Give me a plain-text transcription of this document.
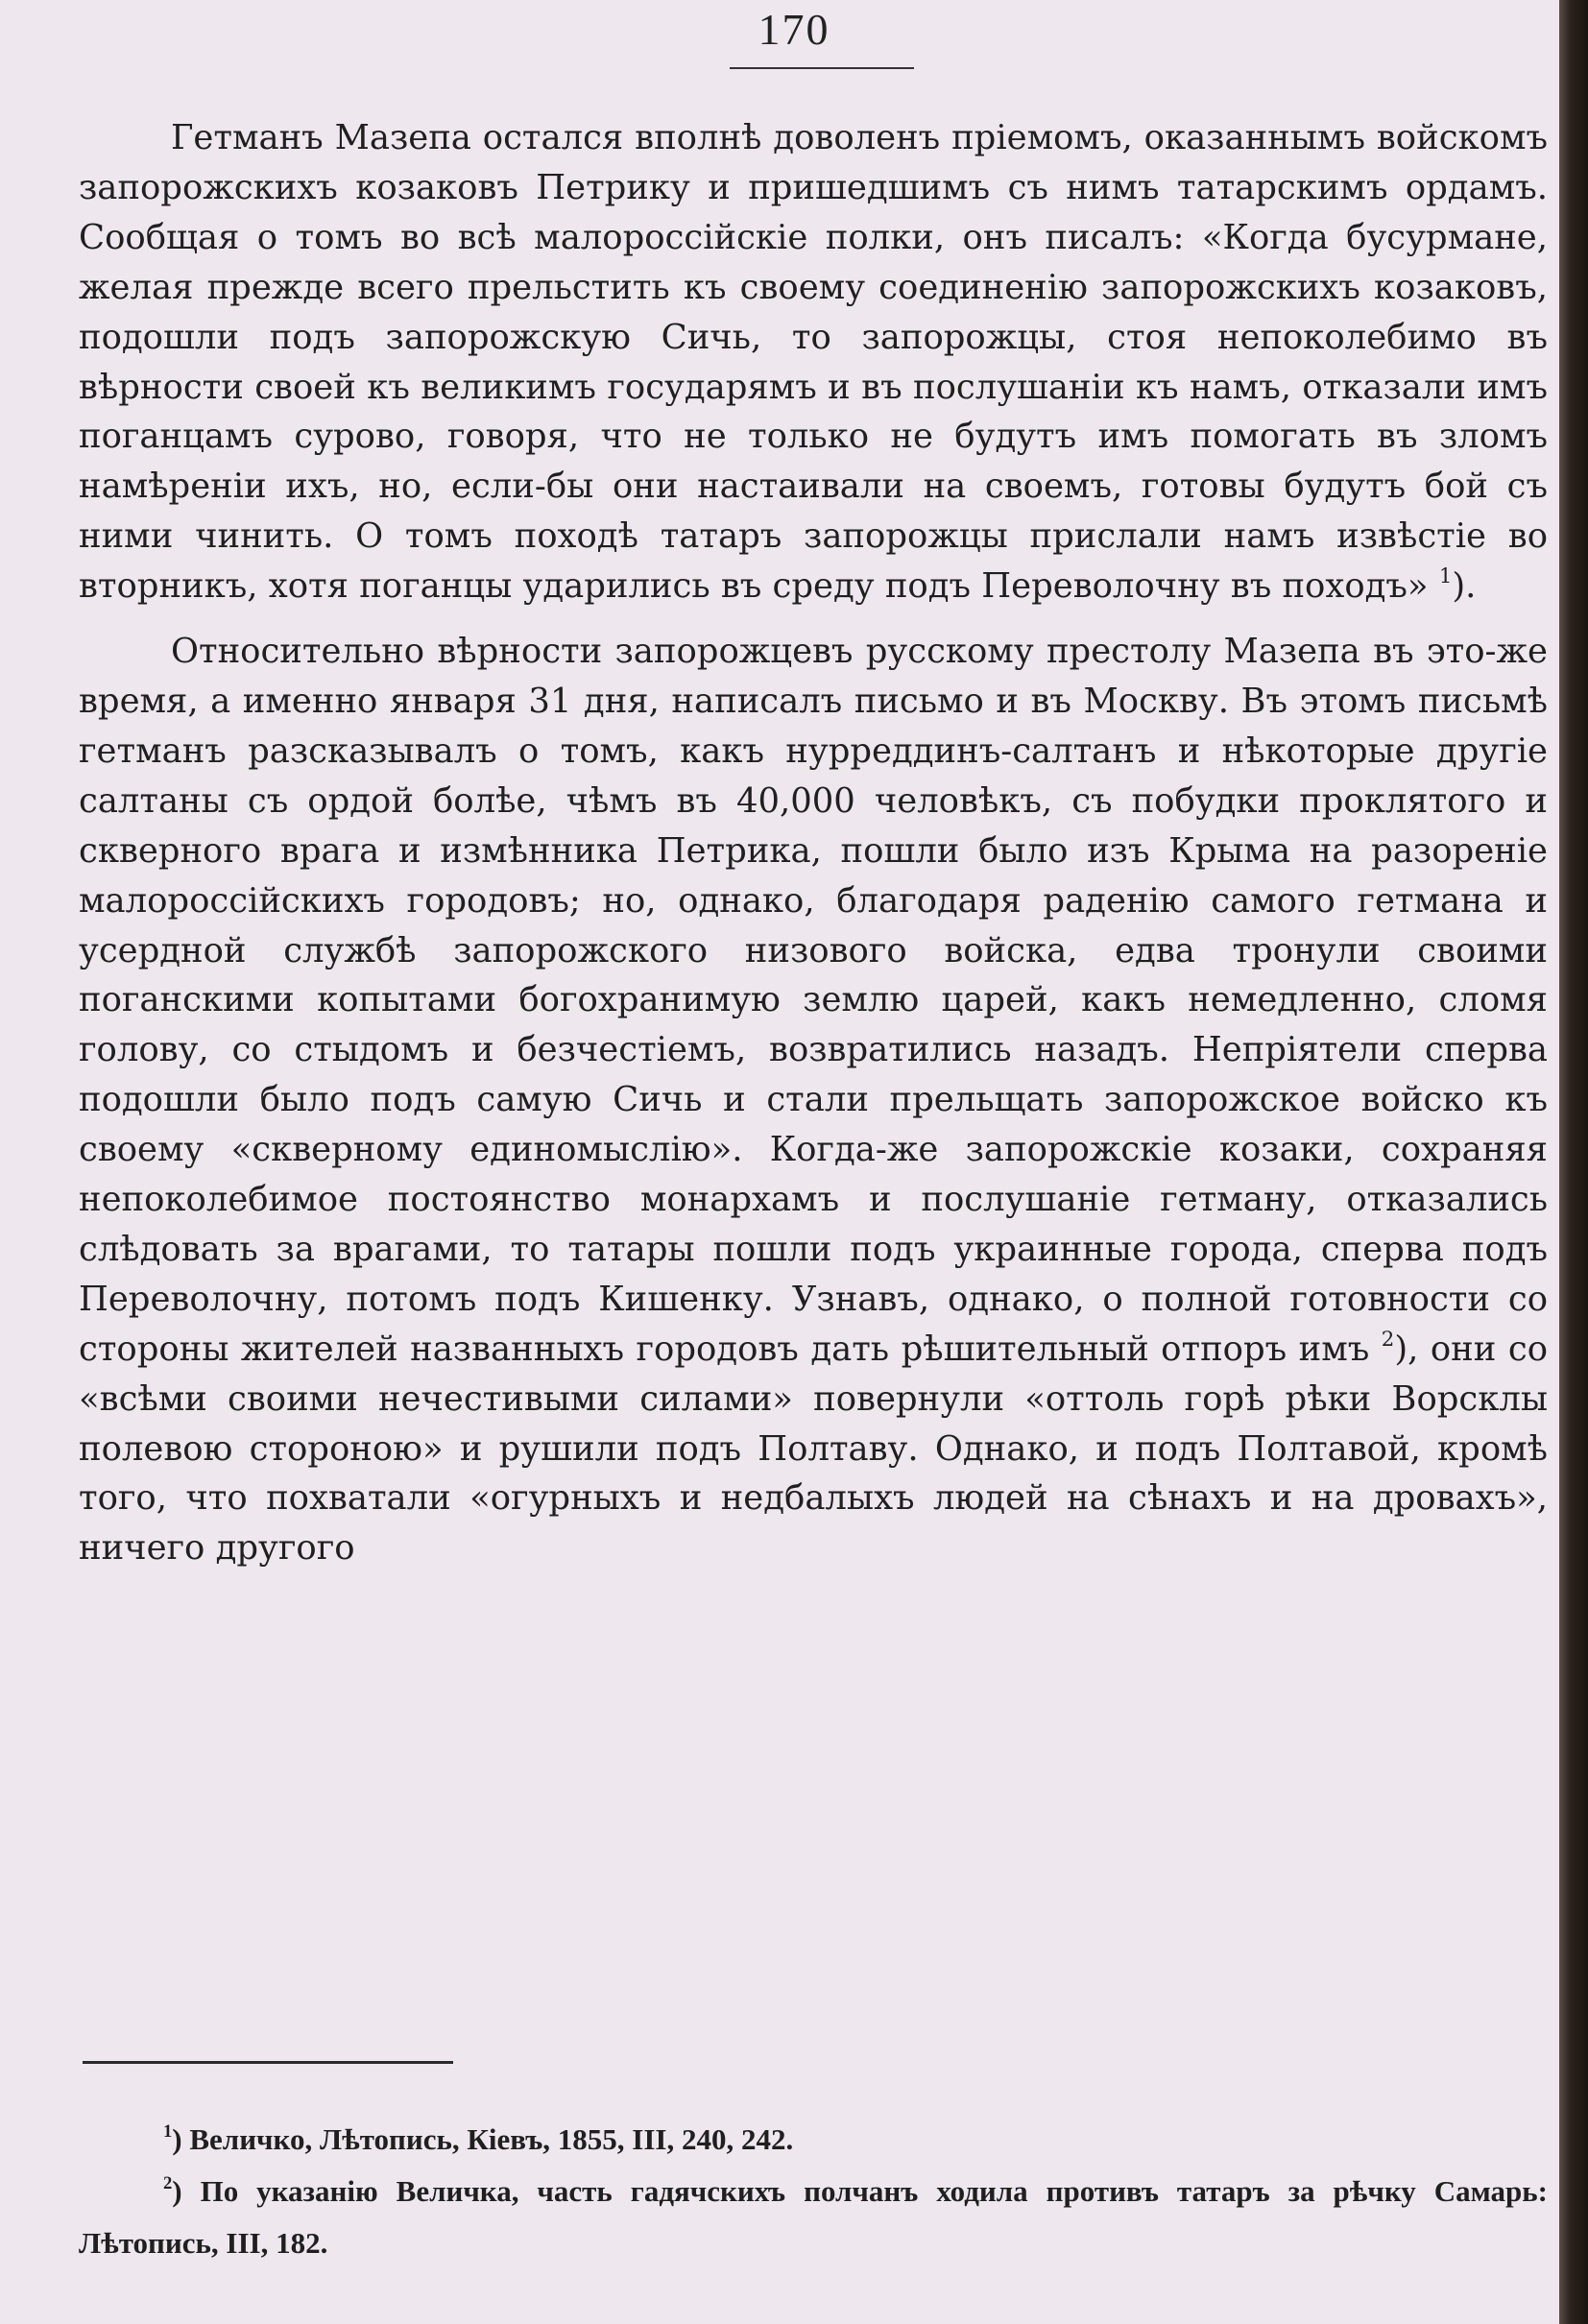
170

Гетманъ Мазепа остался вполнѣ доволенъ пріемомъ, оказаннымъ войскомъ запорожскихъ козаковъ Петрику и пришедшимъ съ нимъ татарскимъ ордамъ. Сообщая о томъ во всѣ малороссійскіе полки, онъ писалъ: «Когда бусурмане, желая прежде всего прельстить къ своему соединенію запорожскихъ козаковъ, подошли подъ запорожскую Сичь, то запорожцы, стоя непоколебимо въ вѣрности своей къ великимъ государямъ и въ послушаніи къ намъ, отказали имъ поганцамъ сурово, говоря, что не только не будутъ имъ помогать въ зломъ намѣреніи ихъ, но, если-бы они настаивали на своемъ, готовы будутъ бой съ ними чинить. О томъ походѣ татаръ запорожцы прислали намъ извѣстіе во вторникъ, хотя поганцы ударились въ среду подъ Переволочну въ походъ» $^1$).

Относительно вѣрности запорожцевъ русскому престолу Мазепа въ это-же время, а именно января 31 дня, написалъ письмо и въ Москву. Въ этомъ письмѣ гетманъ разсказывалъ о томъ, какъ нурреддинъ-салтанъ и нѣкоторые другіе салтаны съ ордой болѣе, чѣмъ въ 40,000 человѣкъ, съ побудки проклятого и скверного врага и измѣнника Петрика, пошли было изъ Крыма на разореніе малороссійскихъ городовъ; но, однако, благодаря раденію самого гетмана и усердной службѣ запорожского низового войска, едва тронули своими поганскими копытами богохранимую землю царей, какъ немедленно, сломя голову, со стыдомъ и безчестіемъ, возвратились назадъ. Непріятели сперва подошли было подъ самую Сичь и стали прельщать запорожское войско къ своему «скверному единомыслію». Когда-же запорожскіе козаки, сохраняя непоколебимое постоянство монархамъ и послушаніе гетману, отказались слѣдовать за врагами, то татары пошли подъ украинные города, сперва подъ Переволочну, потомъ подъ Кишенку. Узнавъ, однако, о полной готовности со стороны жителей названныхъ городовъ дать рѣшительный отпоръ имъ $^2$), они со «всѣми своими нечестивыми силами» повернули «оттоль горѣ рѣки Ворсклы полевою стороною» и рушили подъ Полтаву. Однако, и подъ Полтавой, кромѣ того, что похватали «огурныхъ и недбалыхъ людей на сѣнахъ и на дровахъ», ничего другого

$^1$) Величко, Лѣтопись, Кіевъ, 1855, III, 240, 242.

$^2$) По указанію Величка, часть гадячскихъ полчанъ ходила противъ татаръ за рѣчку Самарь: Лѣтопись, III, 182.
